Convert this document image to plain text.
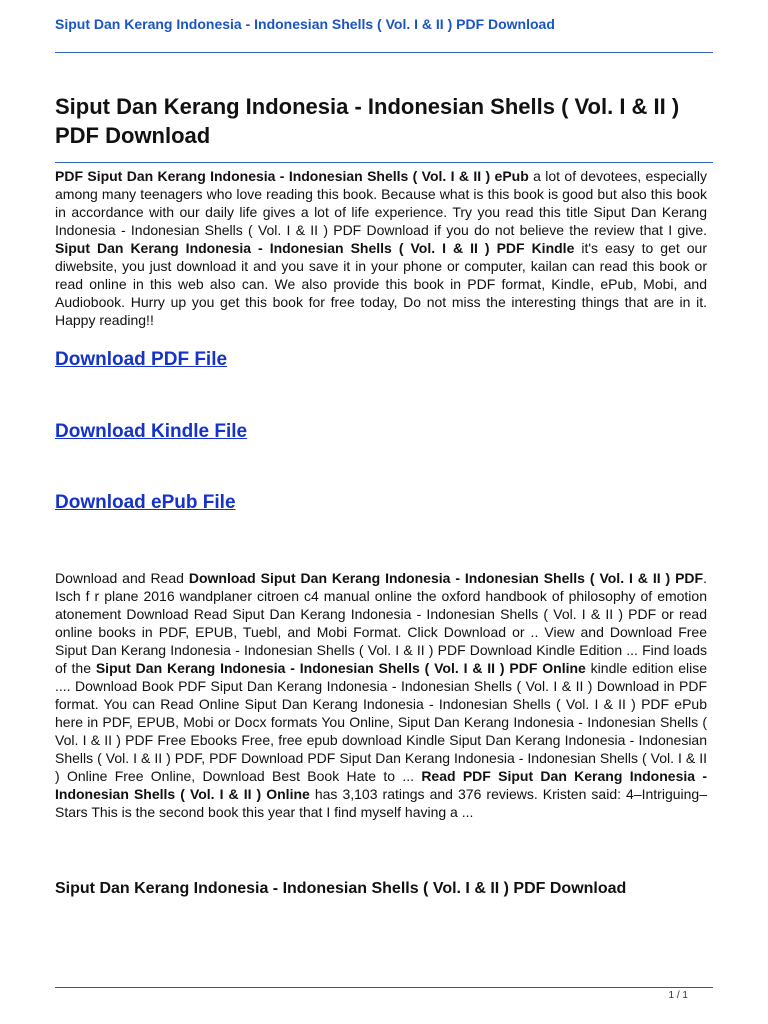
Siput Dan Kerang Indonesia - Indonesian Shells ( Vol. I & II ) PDF Download
Siput Dan Kerang Indonesia - Indonesian Shells ( Vol. I & II ) PDF Download

PDF Siput Dan Kerang Indonesia - Indonesian Shells ( Vol. I & II ) ePub a lot of devotees, especially among many teenagers who love reading this book. Because what is this book is good but also this book in accordance with our daily life gives a lot of life experience. Try you read this title Siput Dan Kerang Indonesia - Indonesian Shells ( Vol. I & II ) PDF Download if you do not believe the review that I give. Siput Dan Kerang Indonesia - Indonesian Shells ( Vol. I & II ) PDF Kindle it's easy to get our diwebsite, you just download it and you save it in your phone or computer, kailan can read this book or read online in this web also can. We also provide this book in PDF format, Kindle, ePub, Mobi, and Audiobook. Hurry up you get this book for free today, Do not miss the interesting things that are in it. Happy reading!!

Download PDF File
Download Kindle File
Download ePub File

Download and Read Download Siput Dan Kerang Indonesia - Indonesian Shells ( Vol. I & II ) PDF. Isch f r plane 2016 wandplaner citroen c4 manual online the oxford handbook of philosophy of emotion atonement Download Read Siput Dan Kerang Indonesia - Indonesian Shells ( Vol. I & II ) PDF or read online books in PDF, EPUB, Tuebl, and Mobi Format. Click Download or .. View and Download Free Siput Dan Kerang Indonesia - Indonesian Shells ( Vol. I & II ) PDF Download Kindle Edition ... Find loads of the Siput Dan Kerang Indonesia - Indonesian Shells ( Vol. I & II ) PDF Online kindle edition elise .... Download Book PDF Siput Dan Kerang Indonesia - Indonesian Shells ( Vol. I & II ) Download in PDF format. You can Read Online Siput Dan Kerang Indonesia - Indonesian Shells ( Vol. I & II ) PDF ePub here in PDF, EPUB, Mobi or Docx formats You Online, Siput Dan Kerang Indonesia - Indonesian Shells ( Vol. I & II ) PDF Free Ebooks Free, free epub download Kindle Siput Dan Kerang Indonesia - Indonesian Shells ( Vol. I & II ) PDF, PDF Download PDF Siput Dan Kerang Indonesia - Indonesian Shells ( Vol. I & II ) Online Free Online, Download Best Book Hate to ... Read PDF Siput Dan Kerang Indonesia - Indonesian Shells ( Vol. I & II ) Online has 3,103 ratings and 376 reviews. Kristen said: 4–Intriguing–Stars This is the second book this year that I find myself having a ...

Siput Dan Kerang Indonesia - Indonesian Shells ( Vol. I & II ) PDF Download
1 / 1
